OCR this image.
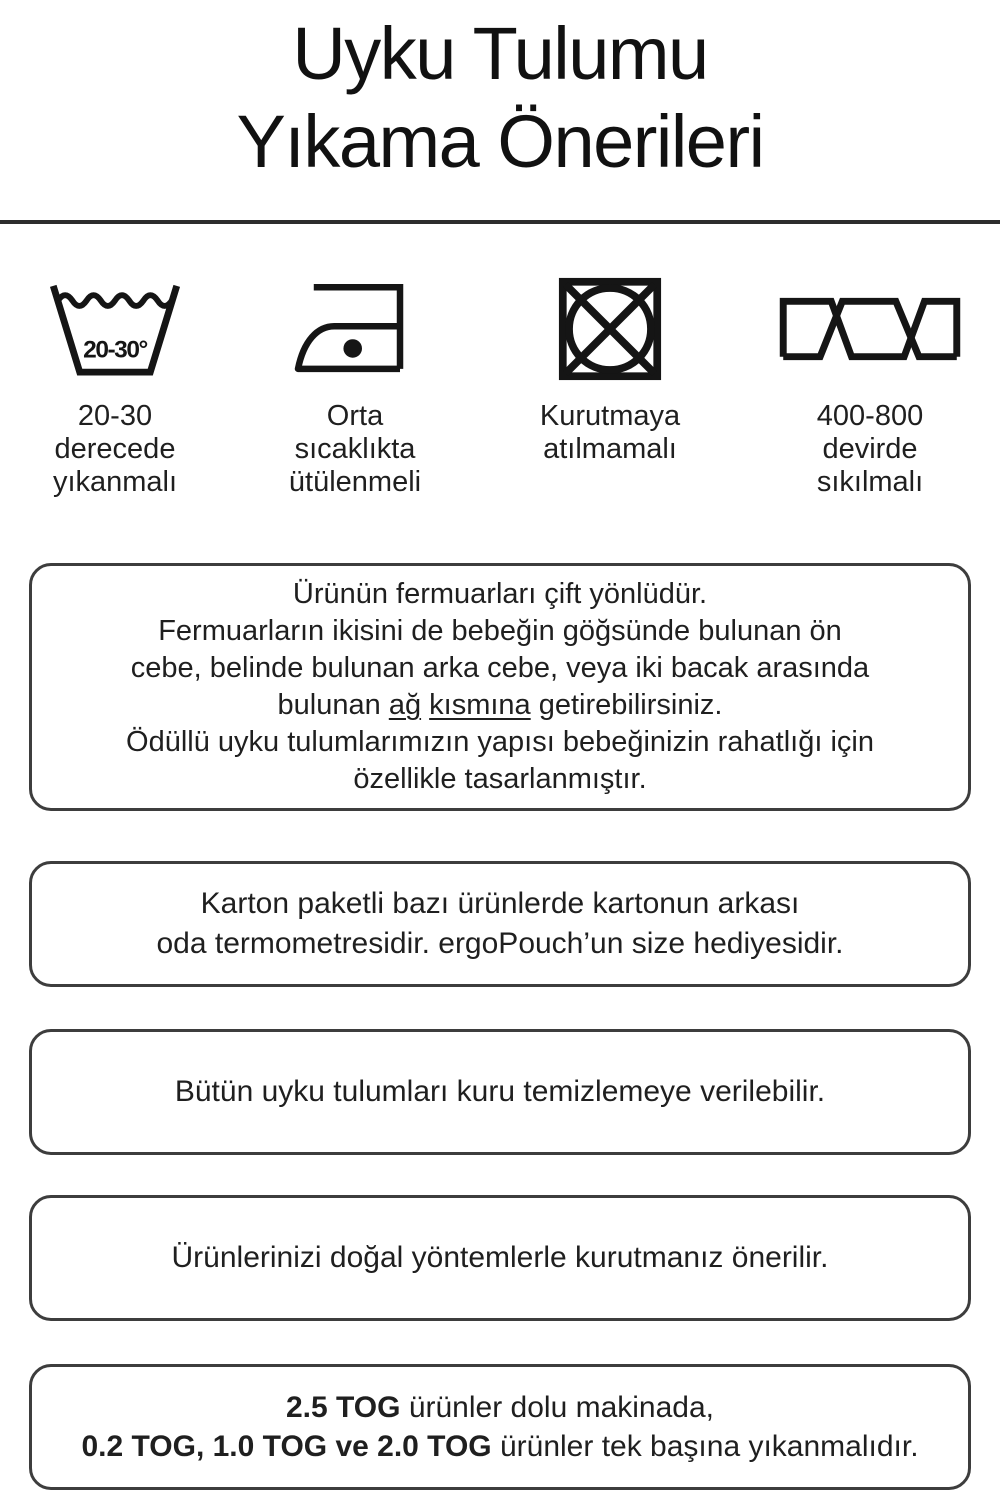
Uyku Tulumu
Yıkama Önerileri
20-30°
20-30
derecede
yıkanmalı
Orta
sıcaklıkta
ütülenmeli
Kurutmaya
atılmamalı
400-800
devirde
sıkılmalı
Ürünün fermuarları çift yönlüdür.
Fermuarların ikisini de bebeğin göğsünde bulunan ön
cebe, belinde bulunan arka cebe, veya iki bacak arasında
bulunan ağ kısmına getirebilirsiniz.
Ödüllü uyku tulumlarımızın yapısı bebeğinizin rahatlığı için
özellikle tasarlanmıştır.
Karton paketli bazı ürünlerde kartonun arkası
oda termometresidir. ergoPouch’un size hediyesidir.
Bütün uyku tulumları kuru temizlemeye verilebilir.
Ürünlerinizi doğal yöntemlerle kurutmanız önerilir.
2.5 TOG ürünler dolu makinada,
0.2 TOG, 1.0 TOG ve 2.0 TOG ürünler tek başına yıkanmalıdır.
